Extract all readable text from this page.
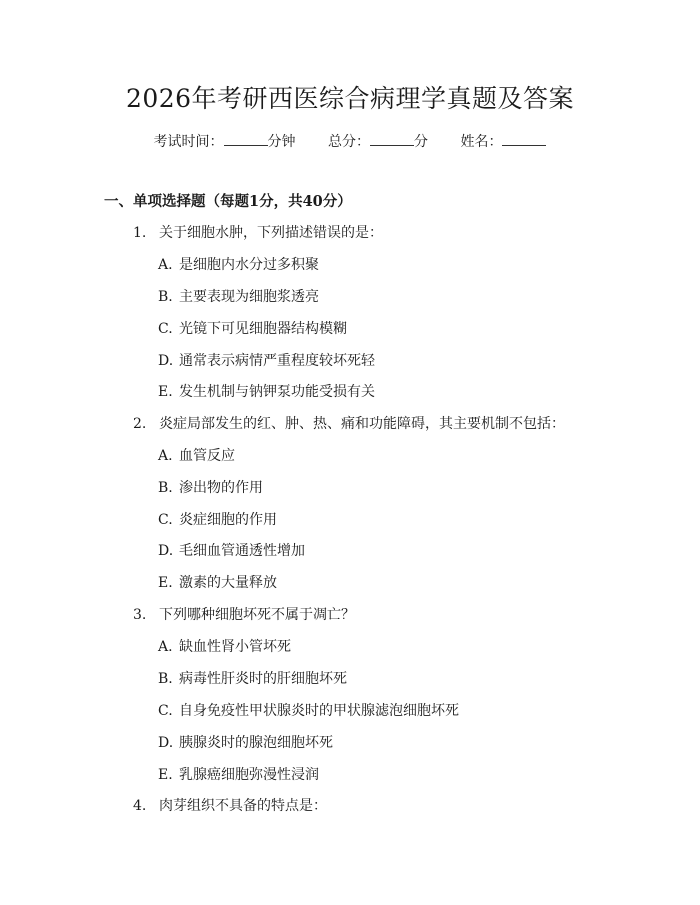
2026年考研西医综合病理学真题及答案
考试时间：	分钟 总分：	分 姓名：
一、单项选择题（每题1分，共40分）
1. 关于细胞水肿，下列描述错误的是：
A. 是细胞内水分过多积聚
B. 主要表现为细胞浆透亮
C. 光镜下可见细胞器结构模糊
D. 通常表示病情严重程度较坏死轻
E. 发生机制与钠钾泵功能受损有关
2. 炎症局部发生的红、肿、热、痛和功能障碍，其主要机制不包括：
A. 血管反应
B. 渗出物的作用
C. 炎症细胞的作用
D. 毛细血管通透性增加
E. 激素的大量释放
3. 下列哪种细胞坏死不属于凋亡？
A. 缺血性肾小管坏死
B. 病毒性肝炎时的肝细胞坏死
C. 自身免疫性甲状腺炎时的甲状腺滤泡细胞坏死
D. 胰腺炎时的腺泡细胞坏死
E. 乳腺癌细胞弥漫性浸润
4. 肉芽组织不具备的特点是：
